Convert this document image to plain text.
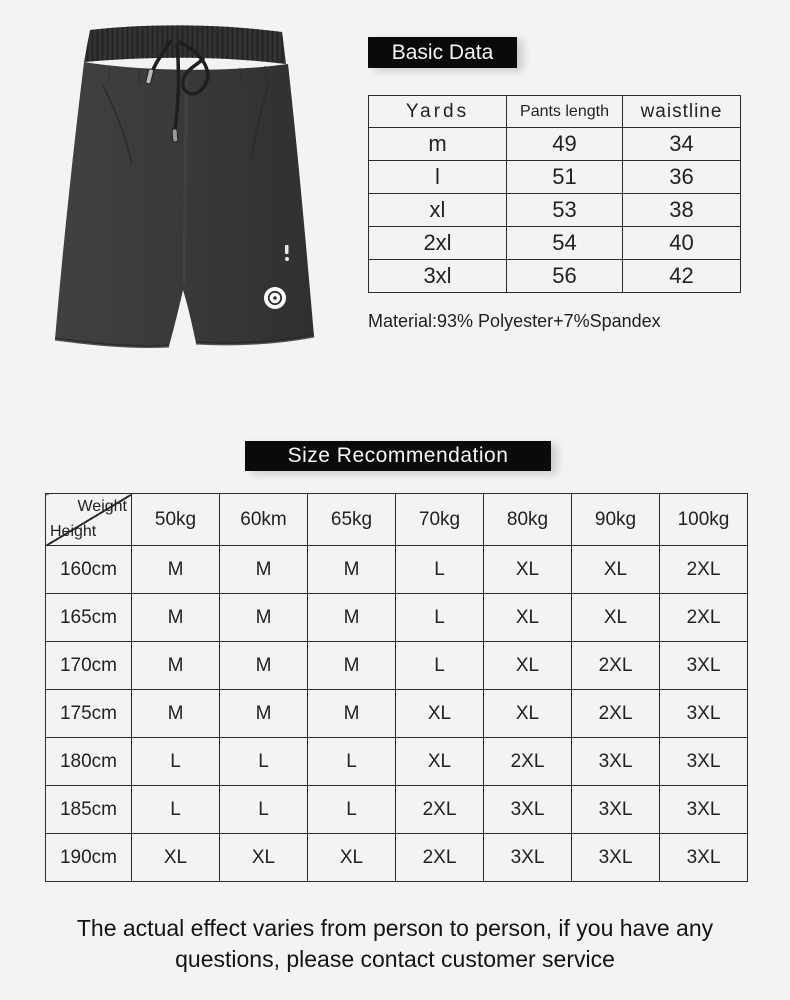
Basic Data
Yards	Pants length	waistline
m	49	34
l	51	36
xl	53	38
2xl	54	40
3xl	56	42
Material:93% Polyester+7%Spandex
Size Recommendation
Weight
Height	50kg	60km	65kg	70kg	80kg	90kg	100kg
160cm	M	M	M	L	XL	XL	2XL
165cm	M	M	M	L	XL	XL	2XL
170cm	M	M	M	L	XL	2XL	3XL
175cm	M	M	M	XL	XL	2XL	3XL
180cm	L	L	L	XL	2XL	3XL	3XL
185cm	L	L	L	2XL	3XL	3XL	3XL
190cm	XL	XL	XL	2XL	3XL	3XL	3XL
The actual effect varies from person to person, if you have any
questions, please contact customer service
